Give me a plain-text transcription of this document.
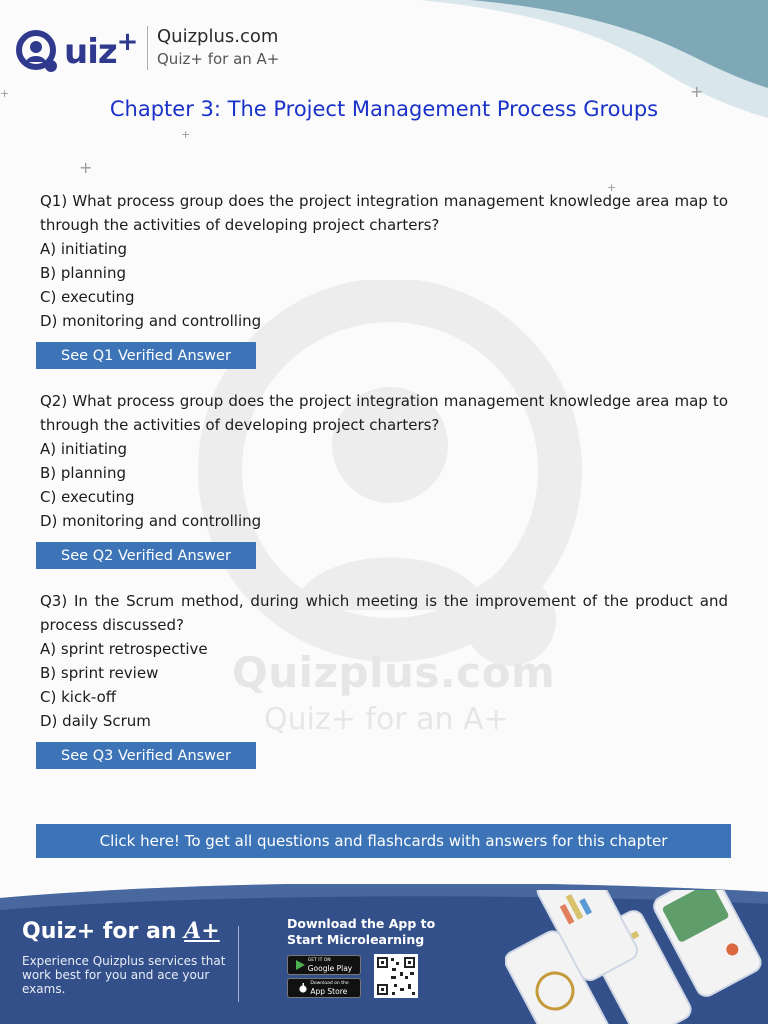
+
+
+
+
+
Quizplus.com
Quiz+ for an A+
uiz + Quizplus.com
Quiz+ for an A+
Chapter 3: The Project Management Process Groups

Q1) What process group does the project integration management knowledge area map to through the activities of developing project charters?

A) initiating

B) planning

C) executing

D) monitoring and controlling

See Q1 Verified Answer

Q2) What process group does the project integration management knowledge area map to through the activities of developing project charters?

A) initiating

B) planning

C) executing

D) monitoring and controlling

See Q2 Verified Answer

Q3) In the Scrum method, during which meeting is the improvement of the product and process discussed?

A) sprint retrospective

B) sprint review

C) kick-off

D) daily Scrum

See Q3 Verified Answer
Click here! To get all questions and flashcards with answers for this chapter
Quiz+ for an A+
Experience Quizplus services that work best for you and ace your exams.
Download the App to Start Microlearning
GET IT ON
Google Play
Download on the
App Store
